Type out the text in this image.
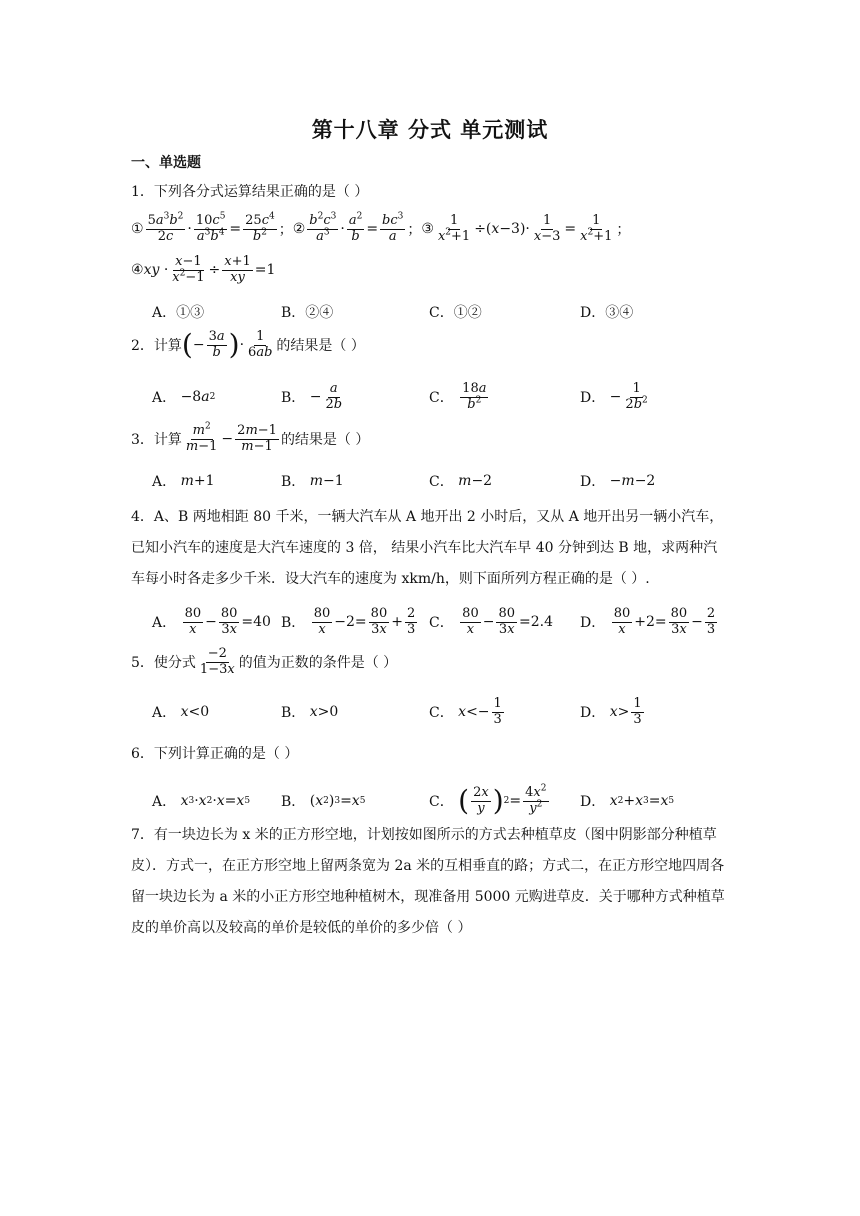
第十八章 分式 单元测试
一、单选题
1．下列各分式运算结果正确的是（ ）
① $\frac{5a^3b^2}{2c} \cdot \frac{10c^5}{a^3b^4} = \frac{25c^4}{b^2}$ ； ② $\frac{b^2c^3}{a^3} \cdot \frac{a^2}{b} = \frac{bc^3}{a}$ ； ③ $\frac{1}{x^2+1}$ ÷( $x -3)\cdot \frac{1}{x-3} = \frac{1}{x^2+1}$ ；
④ xy · $\frac{x-1}{x^2-1} \div \frac{x+1}{xy} =1$
A．①③	B．②④	C．①②	D．③④
2．计算 ( − $\frac{3a}{b}$ ) · $\frac{1}{6ab}$ 的结果是（ ）
A． −8 a 2	B． − $\frac{a}{2b}$	C．
$\frac{18a}{b^2}$	D． − $\frac{1}{2b^2}$
3．计算 $\frac{m^2}{m-1} - \frac{2m-1}{m-1}$ 的结果是（ ）
A．
m +1	B．
m −1	C．
m −2	D． − m −2
4．A、B 两地相距 80 千米，一辆大汽车从 A 地开出 2 小时后，又从 A 地开出另一辆小汽车，已知小汽车的速度是大汽车速度的 3 倍， 结果小汽车比大汽车早 40 分钟到达 B 地，求两种汽车每小时各走多少千米．设大汽车的速度为 xkm/h，则下面所列方程正确的是（ ）.
A．
$\frac{80}{x} - \frac{80}{3x} =40$ B．
$\frac{80}{x} -2= \frac{80}{3x} + \frac{2}{3}$ C．
$\frac{80}{x} - \frac{80}{3x} =2.4$ D．
$\frac{80}{x} +2= \frac{80}{3x} - \frac{2}{3}$
5．使分式 $\frac{-2}{1-3x}$ 的值为正数的条件是（ ）
A．
x <0	B．
x >0	C．
$x <- \frac{1}{3}$	D．
$x > \frac{1}{3}$
6．下列计算正确的是（ ）
A．
x 3 · x 2 · x = x 5 B． ( x 2 ) 3 = x 5	C．
( $\frac{2x}{y}$ ) $2 = \frac{4x^2}{y^2}$ D．
x 2 + x 3 = x 5
7．有一块边长为 x 米的正方形空地，计划按如图所示的方式去种植草皮（图中阴影部分种植草皮）．方式一，在正方形空地上留两条宽为 2a 米的互相垂直的路；方式二，在正方形空地四周各留一块边长为 a 米的小正方形空地种植树木，现准备用 5000 元购进草皮．关于哪种方式种植草皮的单价高以及较高的单价是较低的单价的多少倍（ ）
